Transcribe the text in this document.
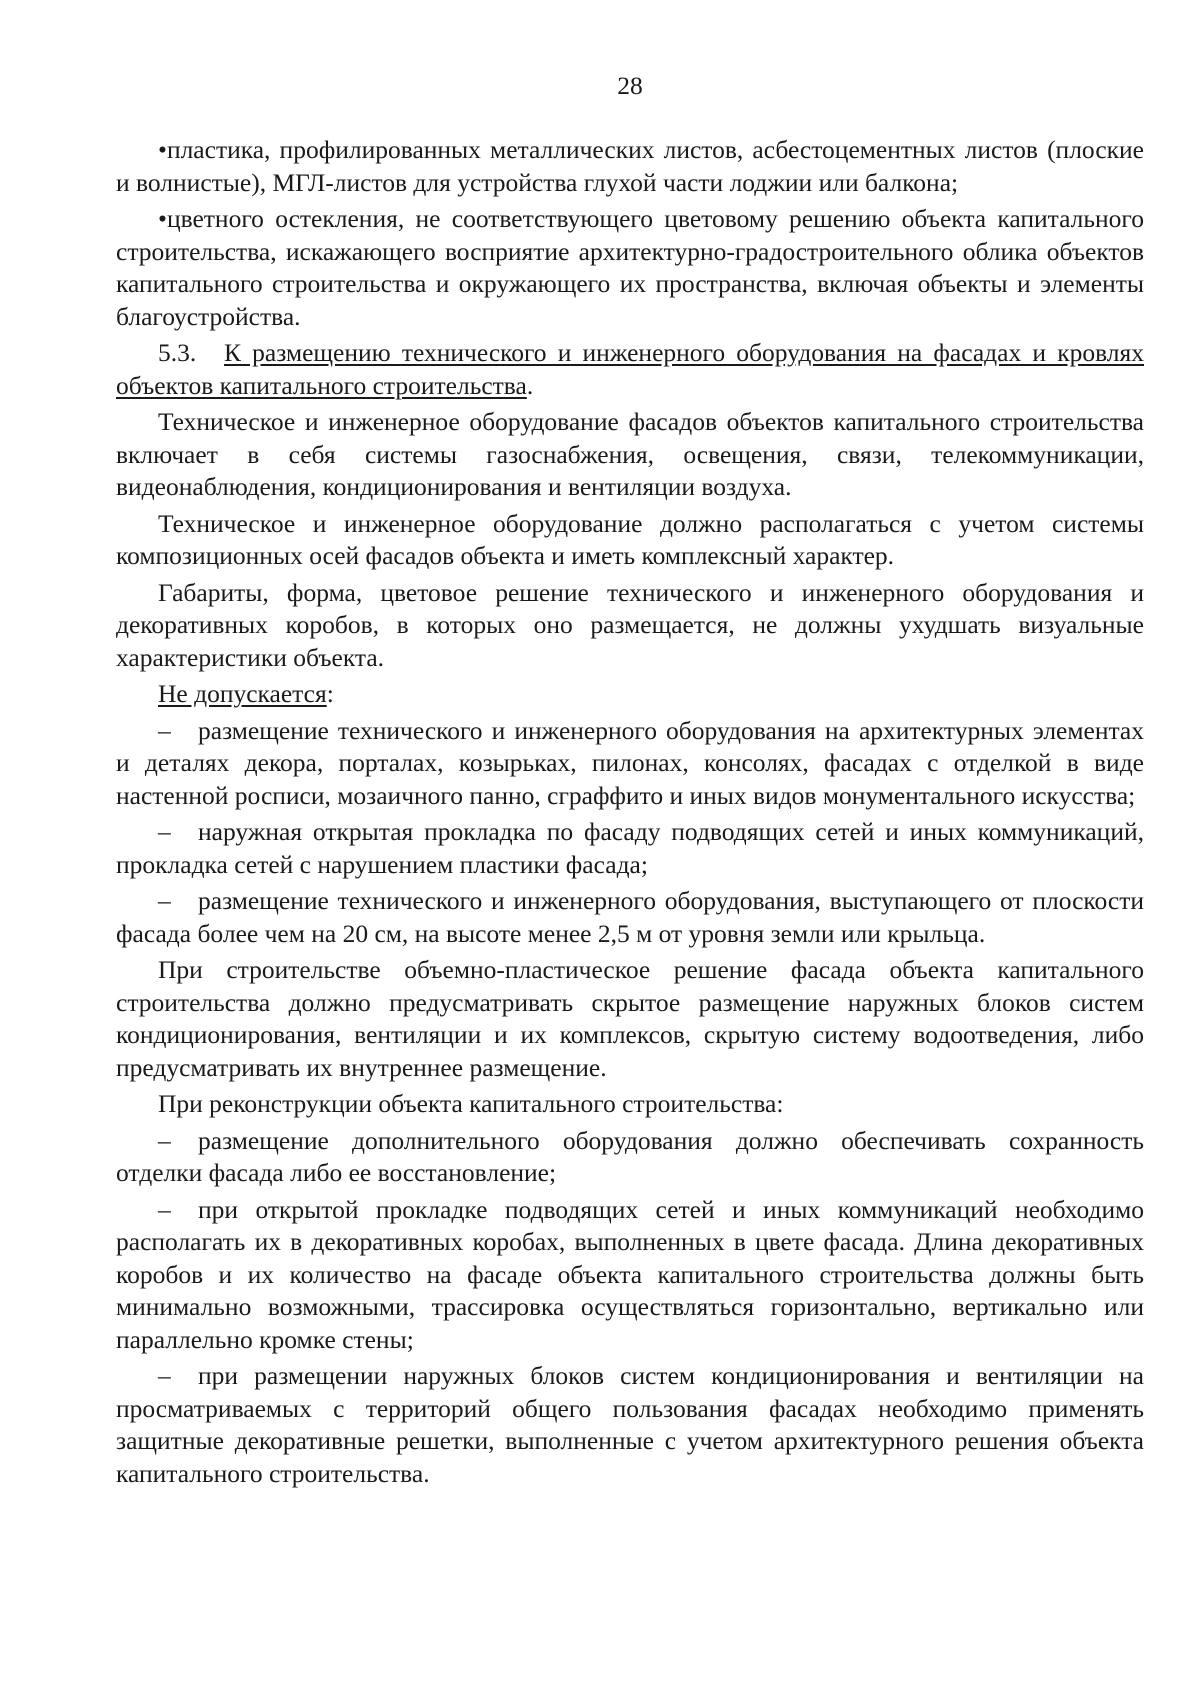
28

• пластика, профилированных металлических листов, асбестоцементных листов (плоские и волнистые), МГЛ-листов для устройства глухой части лоджии или балкона;

• цветного остекления, не соответствующего цветовому решению объекта капитального строительства, искажающего восприятие архитектурно-градостроительного облика объектов капитального строительства и окружающего их пространства, включая объекты и элементы благоустройства.

5.3. К размещению технического и инженерного оборудования на фасадах и кровлях объектов капитального строительства.

Техническое и инженерное оборудование фасадов объектов капитального строительства включает в себя системы газоснабжения, освещения, связи, телекоммуникации, видеонаблюдения, кондиционирования и вентиляции воздуха.

Техническое и инженерное оборудование должно располагаться с учетом системы композиционных осей фасадов объекта и иметь комплексный характер.

Габариты, форма, цветовое решение технического и инженерного оборудования и декоративных коробов, в которых оно размещается, не должны ухудшать визуальные характеристики объекта.

Не допускается:

– размещение технического и инженерного оборудования на архитектурных элементах и деталях декора, порталах, козырьках, пилонах, консолях, фасадах с отделкой в виде настенной росписи, мозаичного панно, сграффито и иных видов монументального искусства;

– наружная открытая прокладка по фасаду подводящих сетей и иных коммуникаций, прокладка сетей с нарушением пластики фасада;

– размещение технического и инженерного оборудования, выступающего от плоскости фасада более чем на 20 см, на высоте менее 2,5 м от уровня земли или крыльца.

При строительстве объемно-пластическое решение фасада объекта капитального строительства должно предусматривать скрытое размещение наружных блоков систем кондиционирования, вентиляции и их комплексов, скрытую систему водоотведения, либо предусматривать их внутреннее размещение.

При реконструкции объекта капитального строительства:

– размещение дополнительного оборудования должно обеспечивать сохранность отделки фасада либо ее восстановление;

– при открытой прокладке подводящих сетей и иных коммуникаций необходимо располагать их в декоративных коробах, выполненных в цвете фасада. Длина декоративных коробов и их количество на фасаде объекта капитального строительства должны быть минимально возможными, трассировка осуществляться горизонтально, вертикально или параллельно кромке стены;

– при размещении наружных блоков систем кондиционирования и вентиляции на просматриваемых с территорий общего пользования фасадах необходимо применять защитные декоративные решетки, выполненные с учетом архитектурного решения объекта капитального строительства.
